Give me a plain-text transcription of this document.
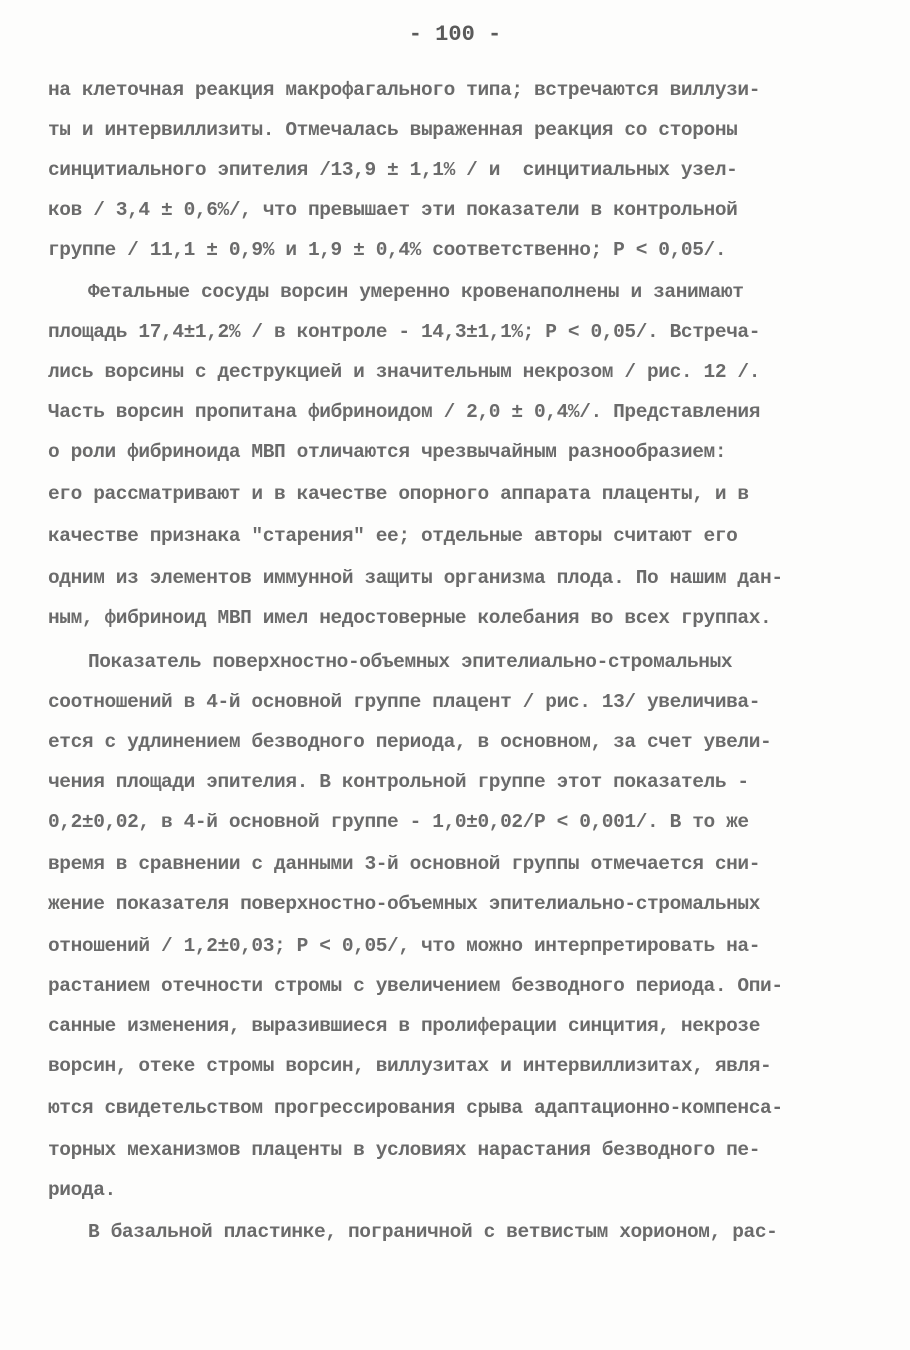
- 100 -
на клеточная реакция макрофагального типа; встречаются виллузи-
ты и интервиллизиты. Отмечалась выраженная реакция со стороны
синцитиального эпителия /13,9 ± 1,1% / и  синцитиальных узел-
ков / 3,4 ± 0,6%/, что превышает эти показатели в контрольной
группе / 11,1 ± 0,9% и 1,9 ± 0,4% соответственно; Р < 0,05/.
Фетальные сосуды ворсин умеренно кровенаполнены и занимают
площадь 17,4±1,2% / в контроле - 14,3±1,1%; Р < 0,05/. Встреча-
лись ворсины с деструкцией и значительным некрозом / рис. 12 /.
Часть ворсин пропитана фибриноидом / 2,0 ± 0,4%/. Представления
о роли фибриноида МВП отличаются чрезвычайным разнообразием:
его рассматривают и в качестве опорного аппарата плаценты, и в
качестве признака "старения" ее; отдельные авторы считают его
одним из элементов иммунной защиты организма плода. По нашим дан-
ным, фибриноид МВП имел недостоверные колебания во всех группах.
Показатель поверхностно-объемных эпителиально-стромальных
соотношений в 4-й основной группе плацент / рис. 13/ увеличива-
ется с удлинением безводного периода, в основном, за счет увели-
чения площади эпителия. В контрольной группе этот показатель -
0,2±0,02, в 4-й основной группе - 1,0±0,02/Р < 0,001/. В то же
время в сравнении с данными 3-й основной группы отмечается сни-
жение показателя поверхностно-объемных эпителиально-стромальных
отношений / 1,2±0,03; Р < 0,05/, что можно интерпретировать на-
растанием отечности стромы с увеличением безводного периода. Опи-
санные изменения, выразившиеся в пролиферации синцития, некрозе
ворсин, отеке стромы ворсин, виллузитах и интервиллизитах, явля-
ются свидетельством прогрессирования срыва адаптационно-компенса-
торных механизмов плаценты в условиях нарастания безводного пе-
риода.
В базальной пластинке, пограничной с ветвистым хорионом, рас-
